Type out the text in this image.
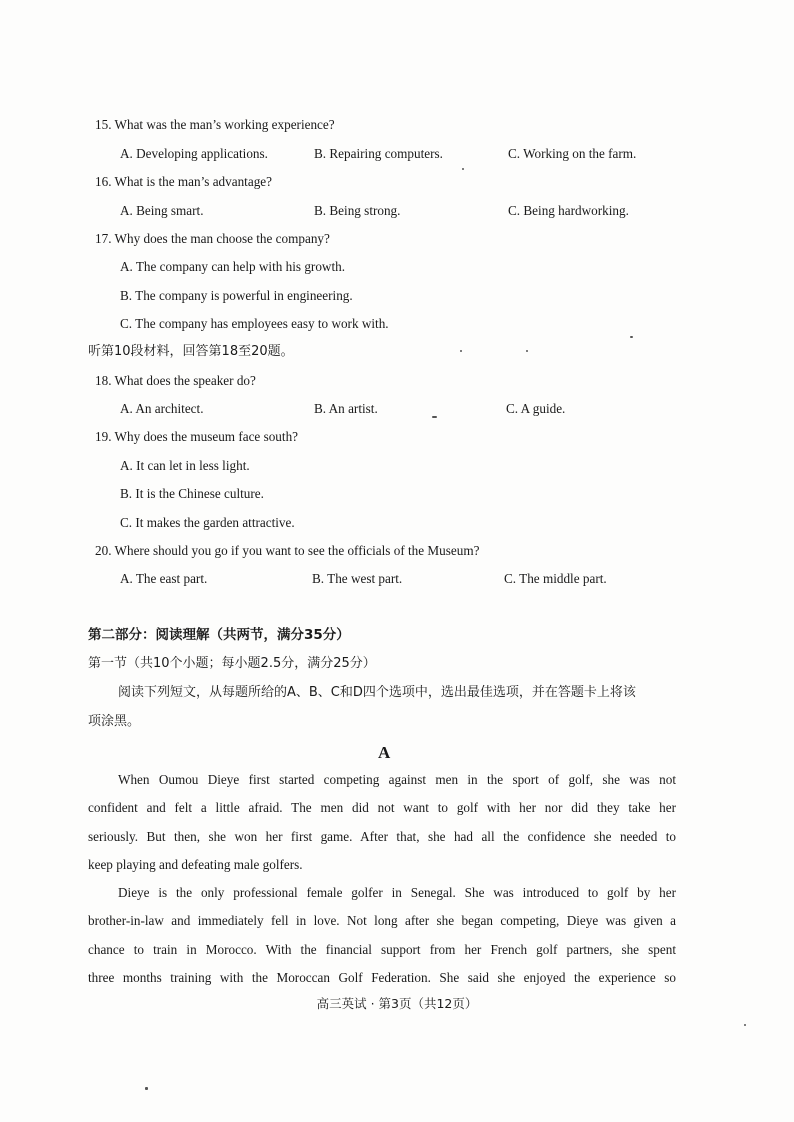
15. What was the man’s working experience?
A. Developing applications.	B. Repairing computers.	C. Working on the farm.
16. What is the man’s advantage?
A. Being smart.	B. Being strong.	C. Being hardworking.
17. Why does the man choose the company?
A. The company can help with his growth.
B. The company is powerful in engineering.
C. The company has employees easy to work with.
听第10段材料，回答第18至20题。
18. What does the speaker do?
A. An architect.	B. An artist.	C. A guide.
19. Why does the museum face south?
A. It can let in less light.
B. It is the Chinese culture.
C. It makes the garden attractive.
20. Where should you go if you want to see the officials of the Museum?
A. The east part.	B. The west part.	C. The middle part.
第二部分：阅读理解（共两节，满分35分）
第一节（共10个小题；每小题2.5分，满分25分）
阅读下列短文，从每题所给的A、B、C和D四个选项中，选出最佳选项，并在答题卡上将该
项涂黑。
A
When Oumou Dieye first started competing against men in the sport of golf, she was not
confident and felt a little afraid. The men did not want to golf with her nor did they take her
seriously. But then, she won her first game. After that, she had all the confidence she needed to
keep playing and defeating male golfers.
Dieye is the only professional female golfer in Senegal. She was introduced to golf by her
brother-in-law and immediately fell in love. Not long after she began competing, Dieye was given a
chance to train in Morocco. With the financial support from her French golf partners, she spent
three months training with the Moroccan Golf Federation. She said she enjoyed the experience so
高三英试 · 第3页（共12页）
